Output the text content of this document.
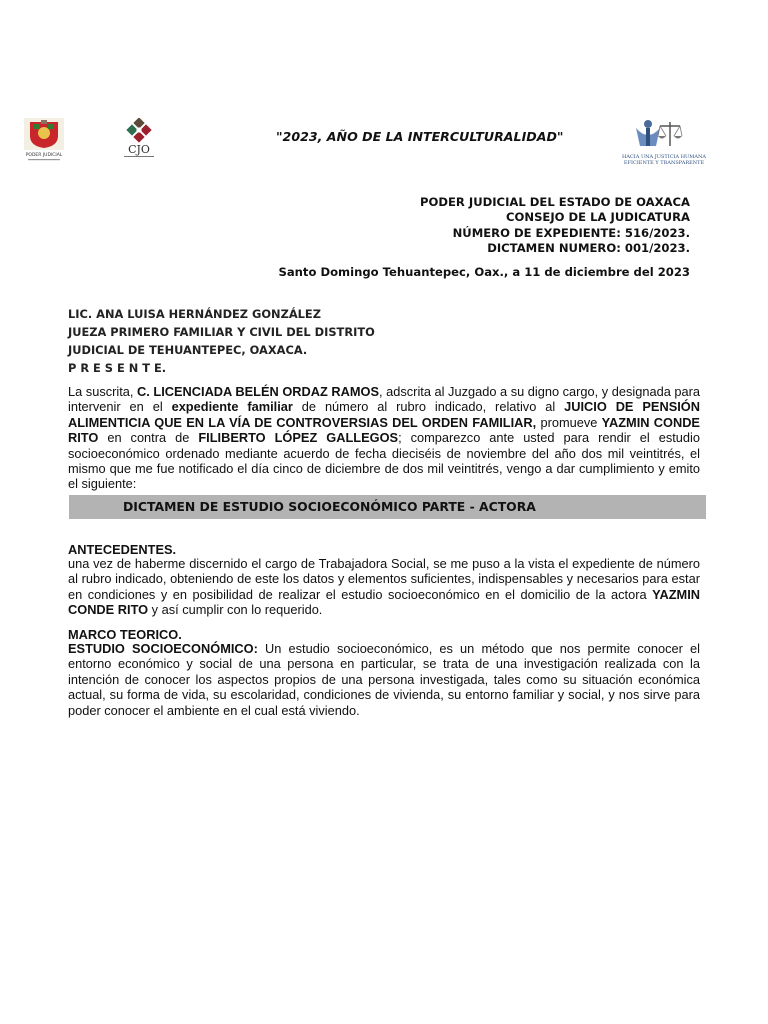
PODER JUDICIAL	CJO
HACIA UNA JUSTICIA HUMANA
EFICIENTE Y TRANSPARENTE
"2023, AÑO DE LA INTERCULTURALIDAD"
PODER JUDICIAL DEL ESTADO DE OAXACA
CONSEJO DE LA JUDICATURA
NÚMERO DE EXPEDIENTE: 516/2023.
DICTAMEN NUMERO: 001/2023.
Santo Domingo Tehuantepec, Oax., a 11 de diciembre del 2023
LIC. ANA LUISA HERNÁNDEZ GONZÁLEZ
JUEZA PRIMERO FAMILIAR Y CIVIL DEL DISTRITO
JUDICIAL DE TEHUANTEPEC, OAXACA.
P R E S E N T E.
La suscrita, C. LICENCIADA BELÉN ORDAZ RAMOS, adscrita al Juzgado a su digno cargo, y designada para intervenir en el expediente familiar de número al rubro indicado, relativo al JUICIO DE PENSIÓN ALIMENTICIA QUE EN LA VÍA DE CONTROVERSIAS DEL ORDEN FAMILIAR, promueve YAZMIN CONDE RITO en contra de FILIBERTO LÓPEZ GALLEGOS; comparezco ante usted para rendir el estudio socioeconómico ordenado mediante acuerdo de fecha dieciséis de noviembre del año dos mil veintitrés, el mismo que me fue notificado el día cinco de diciembre de dos mil veintitrés, vengo a dar cumplimiento y emito el siguiente:
DICTAMEN DE ESTUDIO SOCIOECONÓMICO PARTE - ACTORA
ANTECEDENTES.
una vez de haberme discernido el cargo de Trabajadora Social, se me puso a la vista el expediente de número al rubro indicado, obteniendo de este los datos y elementos suficientes, indispensables y necesarios para estar en condiciones y en posibilidad de realizar el estudio socioeconómico en el domicilio de la actora YAZMIN CONDE RITO y así cumplir con lo requerido.
MARCO TEORICO.
ESTUDIO SOCIOECONÓMICO: Un estudio socioeconómico, es un método que nos permite conocer el entorno económico y social de una persona en particular, se trata de una investigación realizada con la intención de conocer los aspectos propios de una persona investigada, tales como su situación económica actual, su forma de vida, su escolaridad, condiciones de vivienda, su entorno familiar y social, y nos sirve para poder conocer el ambiente en el cual está viviendo.
